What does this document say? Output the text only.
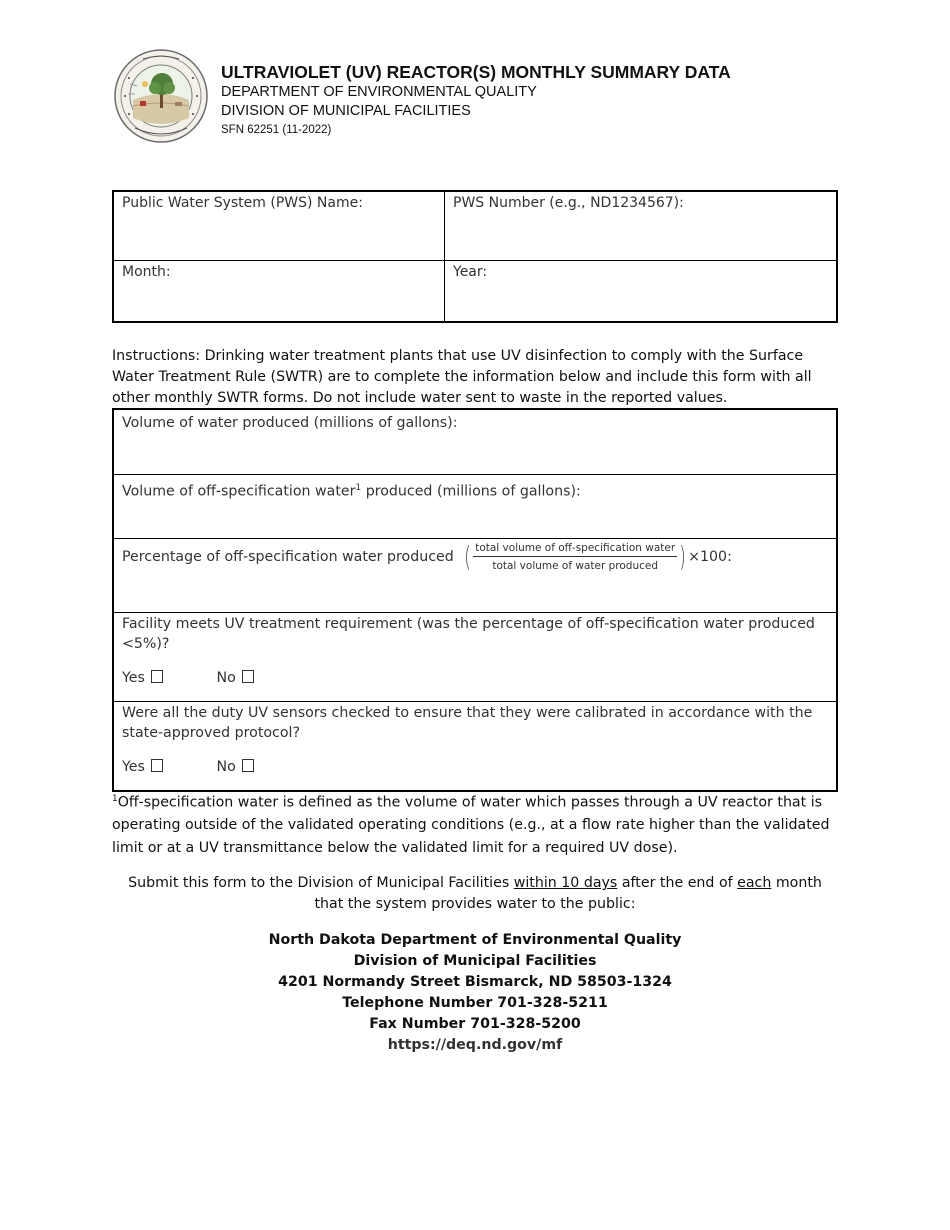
ULTRAVIOLET (UV) REACTOR(S) MONTHLY SUMMARY DATA
DEPARTMENT OF ENVIRONMENTAL QUALITY
DIVISION OF MUNICIPAL FACILITIES
SFN 62251 (11-2022)
Public Water System (PWS) Name:	PWS Number (e.g., ND1234567):
Month:	Year:
Instructions: Drinking water treatment plants that use UV disinfection to comply with the Surface Water Treatment Rule (SWTR) are to complete the information below and include this form with all other monthly SWTR forms. Do not include water sent to waste in the reported values.
Volume of water produced (millions of gallons):
Volume of off-specification water$^1$ produced (millions of gallons):
Percentage of off-specification water produced ( $\frac{\text{total volume of off-specification water}}{\text{total volume of water produced}}$ ) ×100:
Facility meets UV treatment requirement (was the percentage of off-specification water produced <5%)?
Yes	No
Were all the duty UV sensors checked to ensure that they were calibrated in accordance with the state-approved protocol?
Yes	No
$^1$Off-specification water is defined as the volume of water which passes through a UV reactor that is operating outside of the validated operating conditions (e.g., at a flow rate higher than the validated limit or at a UV transmittance below the validated limit for a required UV dose).
Submit this form to the Division of Municipal Facilities within 10 days after the end of each month that the system provides water to the public:
North Dakota Department of Environmental Quality
Division of Municipal Facilities
4201 Normandy Street Bismarck, ND 58503-1324
Telephone Number 701-328-5211
Fax Number 701-328-5200
https://deq.nd.gov/mf
